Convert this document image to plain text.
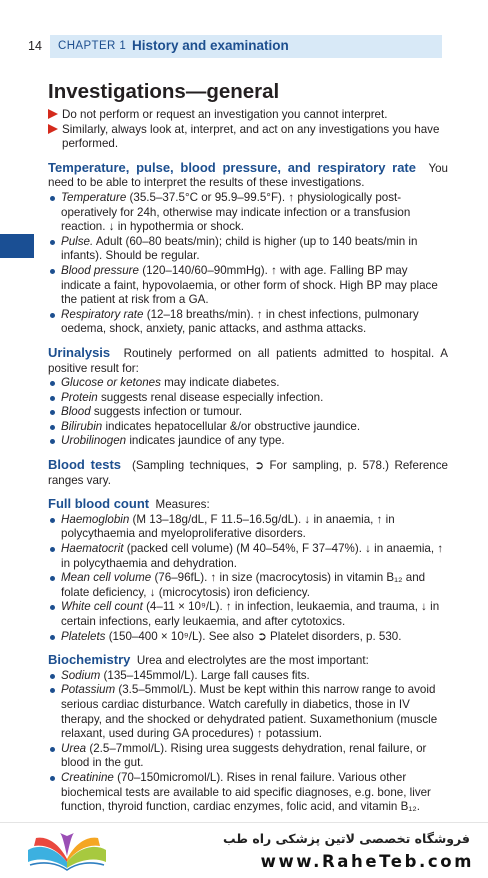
14 CHAPTER 1 History and examination
Investigations—general

Do not perform or request an investigation you cannot interpret.

Similarly, always look at, interpret, and act on any investigations you have performed.

Temperature, pulse, blood pressure, and respiratory rate You need to be able to interpret the results of these investigations.

Temperature (35.5–37.5°C or 95.9–99.5°F). ↑ physiologically post-operatively for 24h, otherwise may indicate infection or a transfusion reaction. ↓ in hypothermia or shock.
Pulse. Adult (60–80 beats/min); child is higher (up to 140 beats/min in infants). Should be regular.
Blood pressure (120–140/60–90mmHg). ↑ with age. Falling BP may indicate a faint, hypovolaemia, or other form of shock. High BP may place the patient at risk from a GA.
Respiratory rate (12–18 breaths/min). ↑ in chest infections, pulmonary oedema, shock, anxiety, panic attacks, and asthma attacks.

Urinalysis Routinely performed on all patients admitted to hospital. A positive result for:

Glucose or ketones may indicate diabetes.
Protein suggests renal disease especially infection.
Blood suggests infection or tumour.
Bilirubin indicates hepatocellular &/or obstructive jaundice.
Urobilinogen indicates jaundice of any type.

Blood tests (Sampling techniques, ➲ For sampling, p. 578.) Reference ranges vary.

Full blood count Measures:

Haemoglobin (M 13–18g/dL, F 11.5–16.5g/dL). ↓ in anaemia, ↑ in polycythaemia and myeloproliferative disorders.
Haematocrit (packed cell volume) (M 40–54%, F 37–47%). ↓ in anaemia, ↑ in polycythaemia and dehydration.
Mean cell volume (76–96fL). ↑ in size (macrocytosis) in vitamin B₁₂ and folate deficiency, ↓ (microcytosis) iron deficiency.
White cell count (4–11 × 10⁹/L). ↑ in infection, leukaemia, and trauma, ↓ in certain infections, early leukaemia, and after cytotoxics.
Platelets (150–400 × 10⁹/L). See also ➲ Platelet disorders, p. 530.

Biochemistry Urea and electrolytes are the most important:

Sodium (135–145mmol/L). Large fall causes fits.
Potassium (3.5–5mmol/L). Must be kept within this narrow range to avoid serious cardiac disturbance. Watch carefully in diabetics, those in IV therapy, and the shocked or dehydrated patient. Suxamethonium (muscle relaxant, used during GA procedures) ↑ potassium.
Urea (2.5–7mmol/L). Rising urea suggests dehydration, renal failure, or blood in the gut.
Creatinine (70–150micromol/L). Rises in renal failure. Various other biochemical tests are available to aid specific diagnoses, e.g. bone, liver function, thyroid function, cardiac enzymes, folic acid, and vitamin B₁₂.
فروشگاه تخصصی لاتین پزشکی راه طب
www.RaheTeb.com
